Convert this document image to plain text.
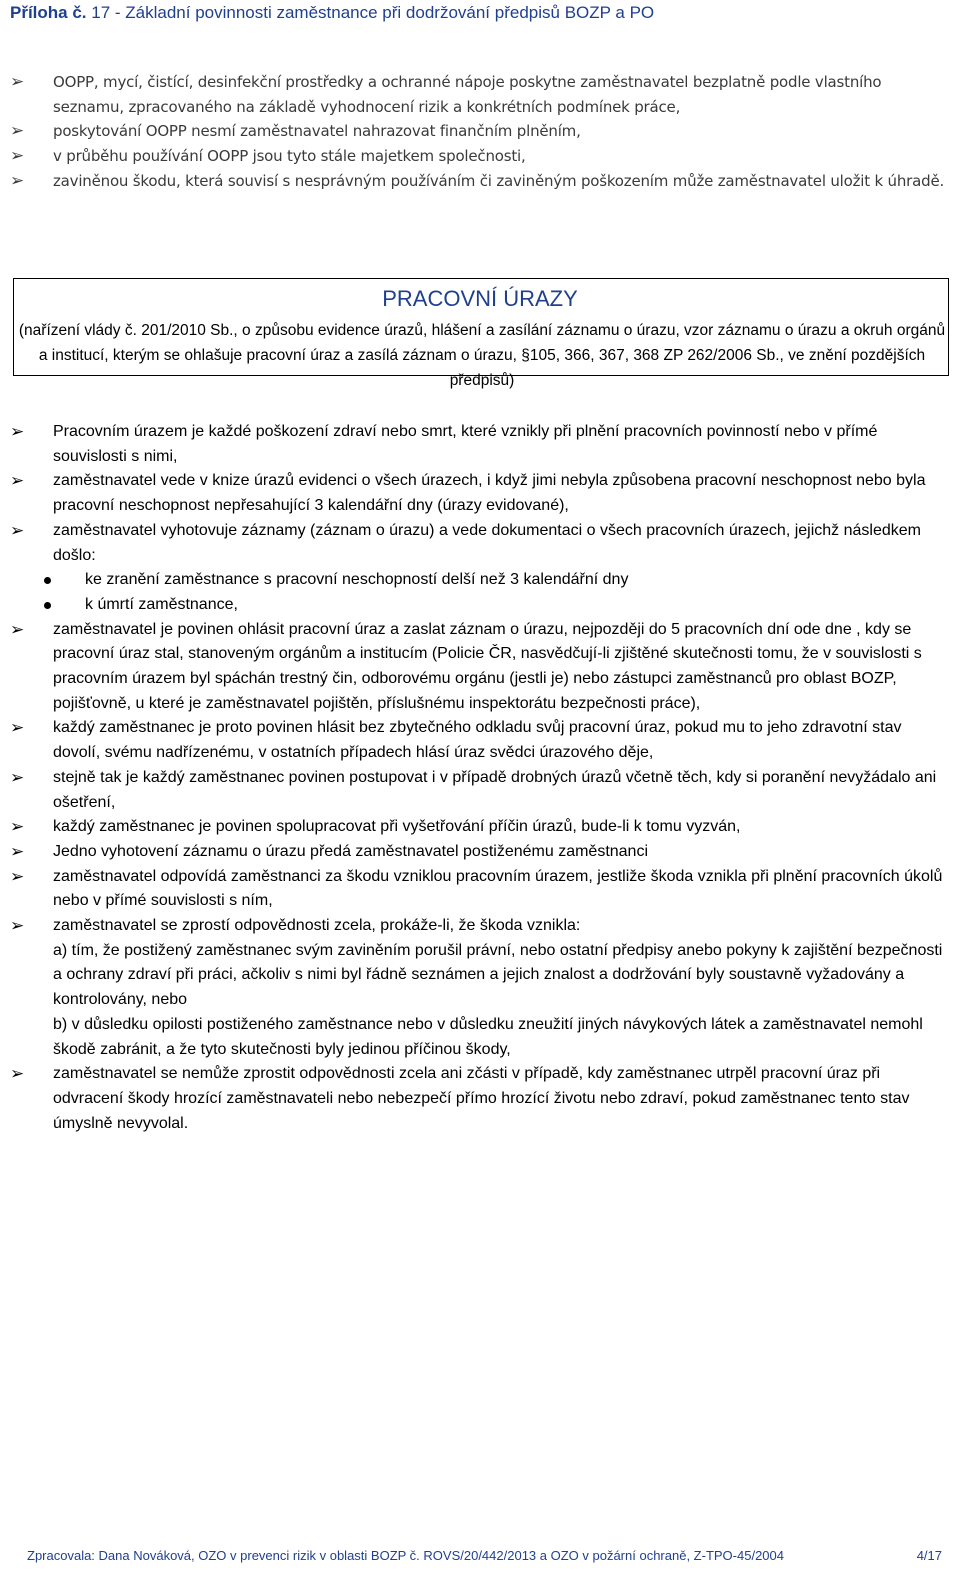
Příloha č. 17 - Základní povinnosti zaměstnance při dodržování předpisů BOZP a PO
➢ OOPP, mycí, čistící, desinfekční prostředky a ochranné nápoje poskytne zaměstnavatel bezplatně podle vlastního seznamu, zpracovaného na základě vyhodnocení rizik a konkrétních podmínek práce,
➢ poskytování OOPP nesmí zaměstnavatel nahrazovat finančním plněním,
➢ v průběhu používání OOPP jsou tyto stále majetkem společnosti,
➢ zaviněnou škodu, která souvisí s nesprávným používáním či zaviněným poškozením může zaměstnavatel uložit k úhradě.
PRACOVNÍ ÚRAZY
(nařízení vlády č. 201/2010 Sb., o způsobu evidence úrazů, hlášení a zasílání záznamu o úrazu, vzor záznamu o úrazu a okruh orgánů a institucí, kterým se ohlašuje pracovní úraz a zasílá záznam o úrazu, §105, 366, 367, 368 ZP 262/2006 Sb., ve znění pozdějších předpisů)
➢ Pracovním úrazem je každé poškození zdraví nebo smrt, které vznikly při plnění pracovních povinností nebo v přímé souvislosti s nimi,
➢ zaměstnavatel vede v knize úrazů evidenci o všech úrazech, i když jimi nebyla způsobena pracovní neschopnost nebo byla pracovní neschopnost nepřesahující 3 kalendářní dny (úrazy evidované),
➢ zaměstnavatel vyhotovuje záznamy (záznam o úrazu) a vede dokumentaci o všech pracovních úrazech, jejichž následkem došlo:
ke zranění zaměstnance s pracovní neschopností delší než 3 kalendářní dny
k úmrtí zaměstnance,
➢ zaměstnavatel je povinen ohlásit pracovní úraz a zaslat záznam o úrazu, nejpozději do 5 pracovních dní ode dne , kdy se pracovní úraz stal, stanoveným orgánům a institucím (Policie ČR, nasvědčují-li zjištěné skutečnosti tomu, že v souvislosti s pracovním úrazem byl spáchán trestný čin, odborovému orgánu (jestli je) nebo zástupci zaměstnanců pro oblast BOZP, pojišťovně, u které je zaměstnavatel pojištěn, příslušnému inspektorátu bezpečnosti práce),
➢ každý zaměstnanec je proto povinen hlásit bez zbytečného odkladu svůj pracovní úraz, pokud mu to jeho zdravotní stav dovolí, svému nadřízenému, v ostatních případech hlásí úraz svědci úrazového děje,
➢ stejně tak je každý zaměstnanec povinen postupovat i v případě drobných úrazů včetně těch, kdy si poranění nevyžádalo ani ošetření,
➢ každý zaměstnanec je povinen spolupracovat při vyšetřování příčin úrazů, bude-li k tomu vyzván,
➢ Jedno vyhotovení záznamu o úrazu předá zaměstnavatel postiženému zaměstnanci
➢ zaměstnavatel odpovídá zaměstnanci za škodu vzniklou pracovním úrazem, jestliže škoda vznikla při plnění pracovních úkolů nebo v přímé souvislosti s ním,
➢ zaměstnavatel se zprostí odpovědnosti zcela, prokáže-li, že škoda vznikla:
a) tím, že postižený zaměstnanec svým zaviněním porušil právní, nebo ostatní předpisy anebo pokyny k zajištění bezpečnosti a ochrany zdraví při práci, ačkoliv s nimi byl řádně seznámen a jejich znalost a dodržování byly soustavně vyžadovány a kontrolovány, nebo
b) v důsledku opilosti postiženého zaměstnance nebo v důsledku zneužití jiných návykových látek a zaměstnavatel nemohl škodě zabránit, a že tyto skutečnosti byly jedinou příčinou škody,
➢ zaměstnavatel se nemůže zprostit odpovědnosti zcela ani zčásti v případě, kdy zaměstnanec utrpěl pracovní úraz při odvracení škody hrozící zaměstnavateli nebo nebezpečí přímo hrozící životu nebo zdraví, pokud zaměstnanec tento stav úmyslně nevyvolal.
Zpracovala: Dana Nováková, OZO v prevenci rizik v oblasti BOZP č. ROVS/20/442/2013 a OZO v požární ochraně, Z-TPO-45/2004	4/17
